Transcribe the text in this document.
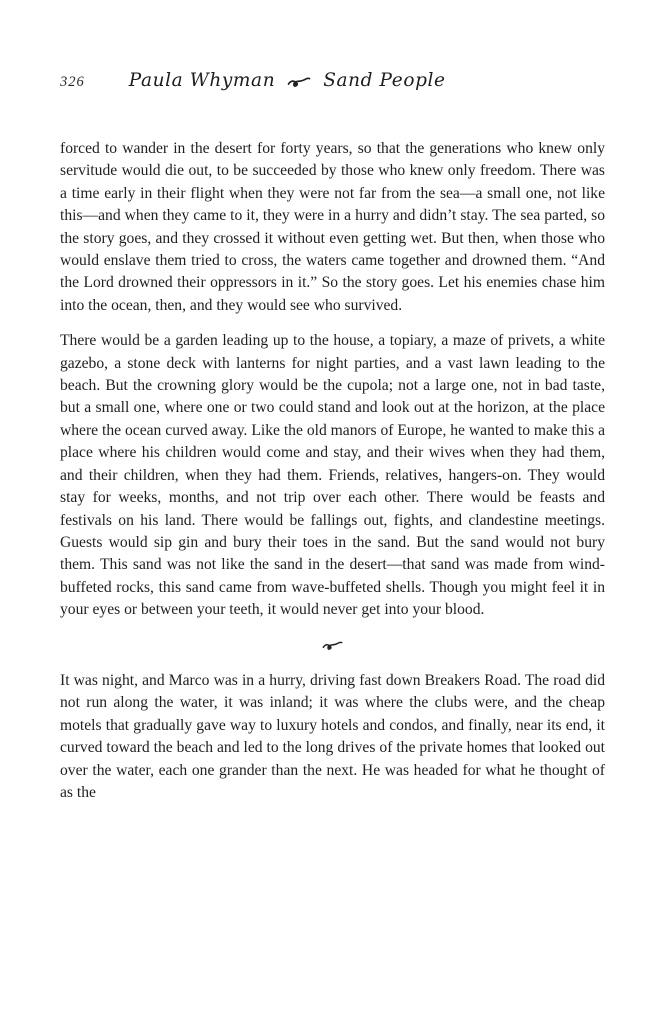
326 Paula Whyman	Sand People

forced to wander in the desert for forty years, so that the generations who knew only servitude would die out, to be succeeded by those who knew only freedom. There was a time early in their flight when they were not far from the sea—a small one, not like this—and when they came to it, they were in a hurry and didn’t stay. The sea parted, so the story goes, and they crossed it without even getting wet. But then, when those who would enslave them tried to cross, the waters came together and drowned them. “And the Lord drowned their oppressors in it.” So the story goes. Let his enemies chase him into the ocean, then, and they would see who survived.

There would be a garden leading up to the house, a topiary, a maze of privets, a white gazebo, a stone deck with lanterns for night parties, and a vast lawn leading to the beach. But the crowning glory would be the cupola; not a large one, not in bad taste, but a small one, where one or two could stand and look out at the horizon, at the place where the ocean curved away. Like the old manors of Europe, he wanted to make this a place where his children would come and stay, and their wives when they had them, and their children, when they had them. Friends, relatives, hangers-on. They would stay for weeks, months, and not trip over each other. There would be feasts and festivals on his land. There would be fallings out, fights, and clandestine meetings. Guests would sip gin and bury their toes in the sand. But the sand would not bury them. This sand was not like the sand in the desert—that sand was made from wind-buffeted rocks, this sand came from wave-buffeted shells. Though you might feel it in your eyes or between your teeth, it would never get into your blood.

It was night, and Marco was in a hurry, driving fast down Breakers Road. The road did not run along the water, it was inland; it was where the clubs were, and the cheap motels that gradually gave way to luxury hotels and condos, and finally, near its end, it curved toward the beach and led to the long drives of the private homes that looked out over the water, each one grander than the next. He was headed for what he thought of as the
